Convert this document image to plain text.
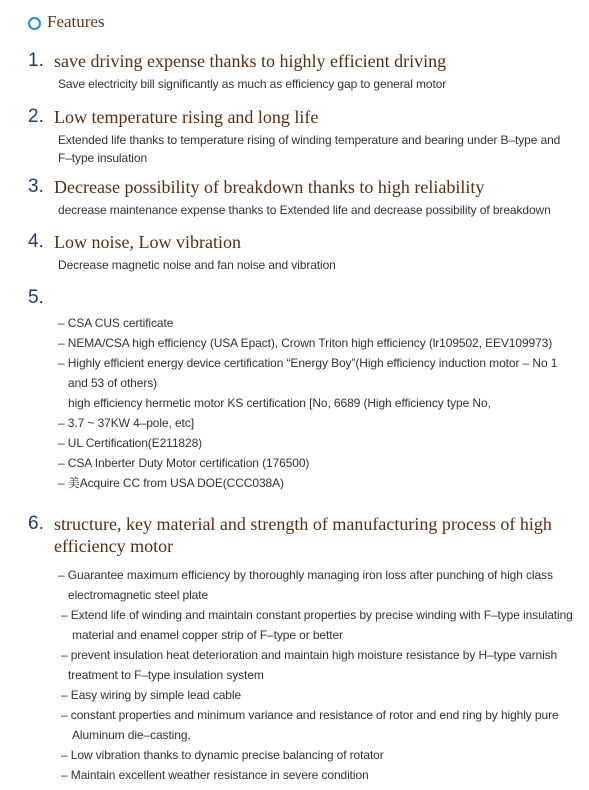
Features
1. save driving expense thanks to highly efficient driving
Save electricity bill significantly as much as efficiency gap to general motor
2. Low temperature rising and long life
Extended life thanks to temperature rising of winding temperature and bearing under B–type and
F–type insulation
3. Decrease possibility of breakdown thanks to high reliability
decrease maintenance expense thanks to Extended life and decrease possibility of breakdown
4. Low noise, Low vibration
Decrease magnetic noise and fan noise and vibration
5.
– CSA CUS certificate
– NEMA/CSA high efficiency (USA Epact), Crown Triton high efficiency (lr109502, EEV109973)
– Highly efficient energy device certification “Energy Boy”(High efficiency induction motor – No 1
and 53 of others)
high efficiency hermetic motor KS certification [No, 6689 (High efficiency type No,
– 3.7 ~ 37KW 4–pole, etc]
– UL Certification(E211828)
– CSA Inberter Duty Motor certification (176500)
– 美Acquire CC from USA DOE(CCC038A)
6. structure, key material and strength of manufacturing process of high
efficiency motor
– Guarantee maximum efficiency by thoroughly managing iron loss after punching of high class
electromagnetic steel plate
– Extend life of winding and maintain constant properties by precise winding with F–type insulating
material and enamel copper strip of F–type or better
– prevent insulation heat deterioration and maintain high moisture resistance by H–type varnish
treatment to F–type insulation system
– Easy wiring by simple lead cable
– constant properties and minimum variance and resistance of rotor and end ring by highly pure
Aluminum die–casting,
– Low vibration thanks to dynamic precise balancing of rotator
– Maintain excellent weather resistance in severe condition
